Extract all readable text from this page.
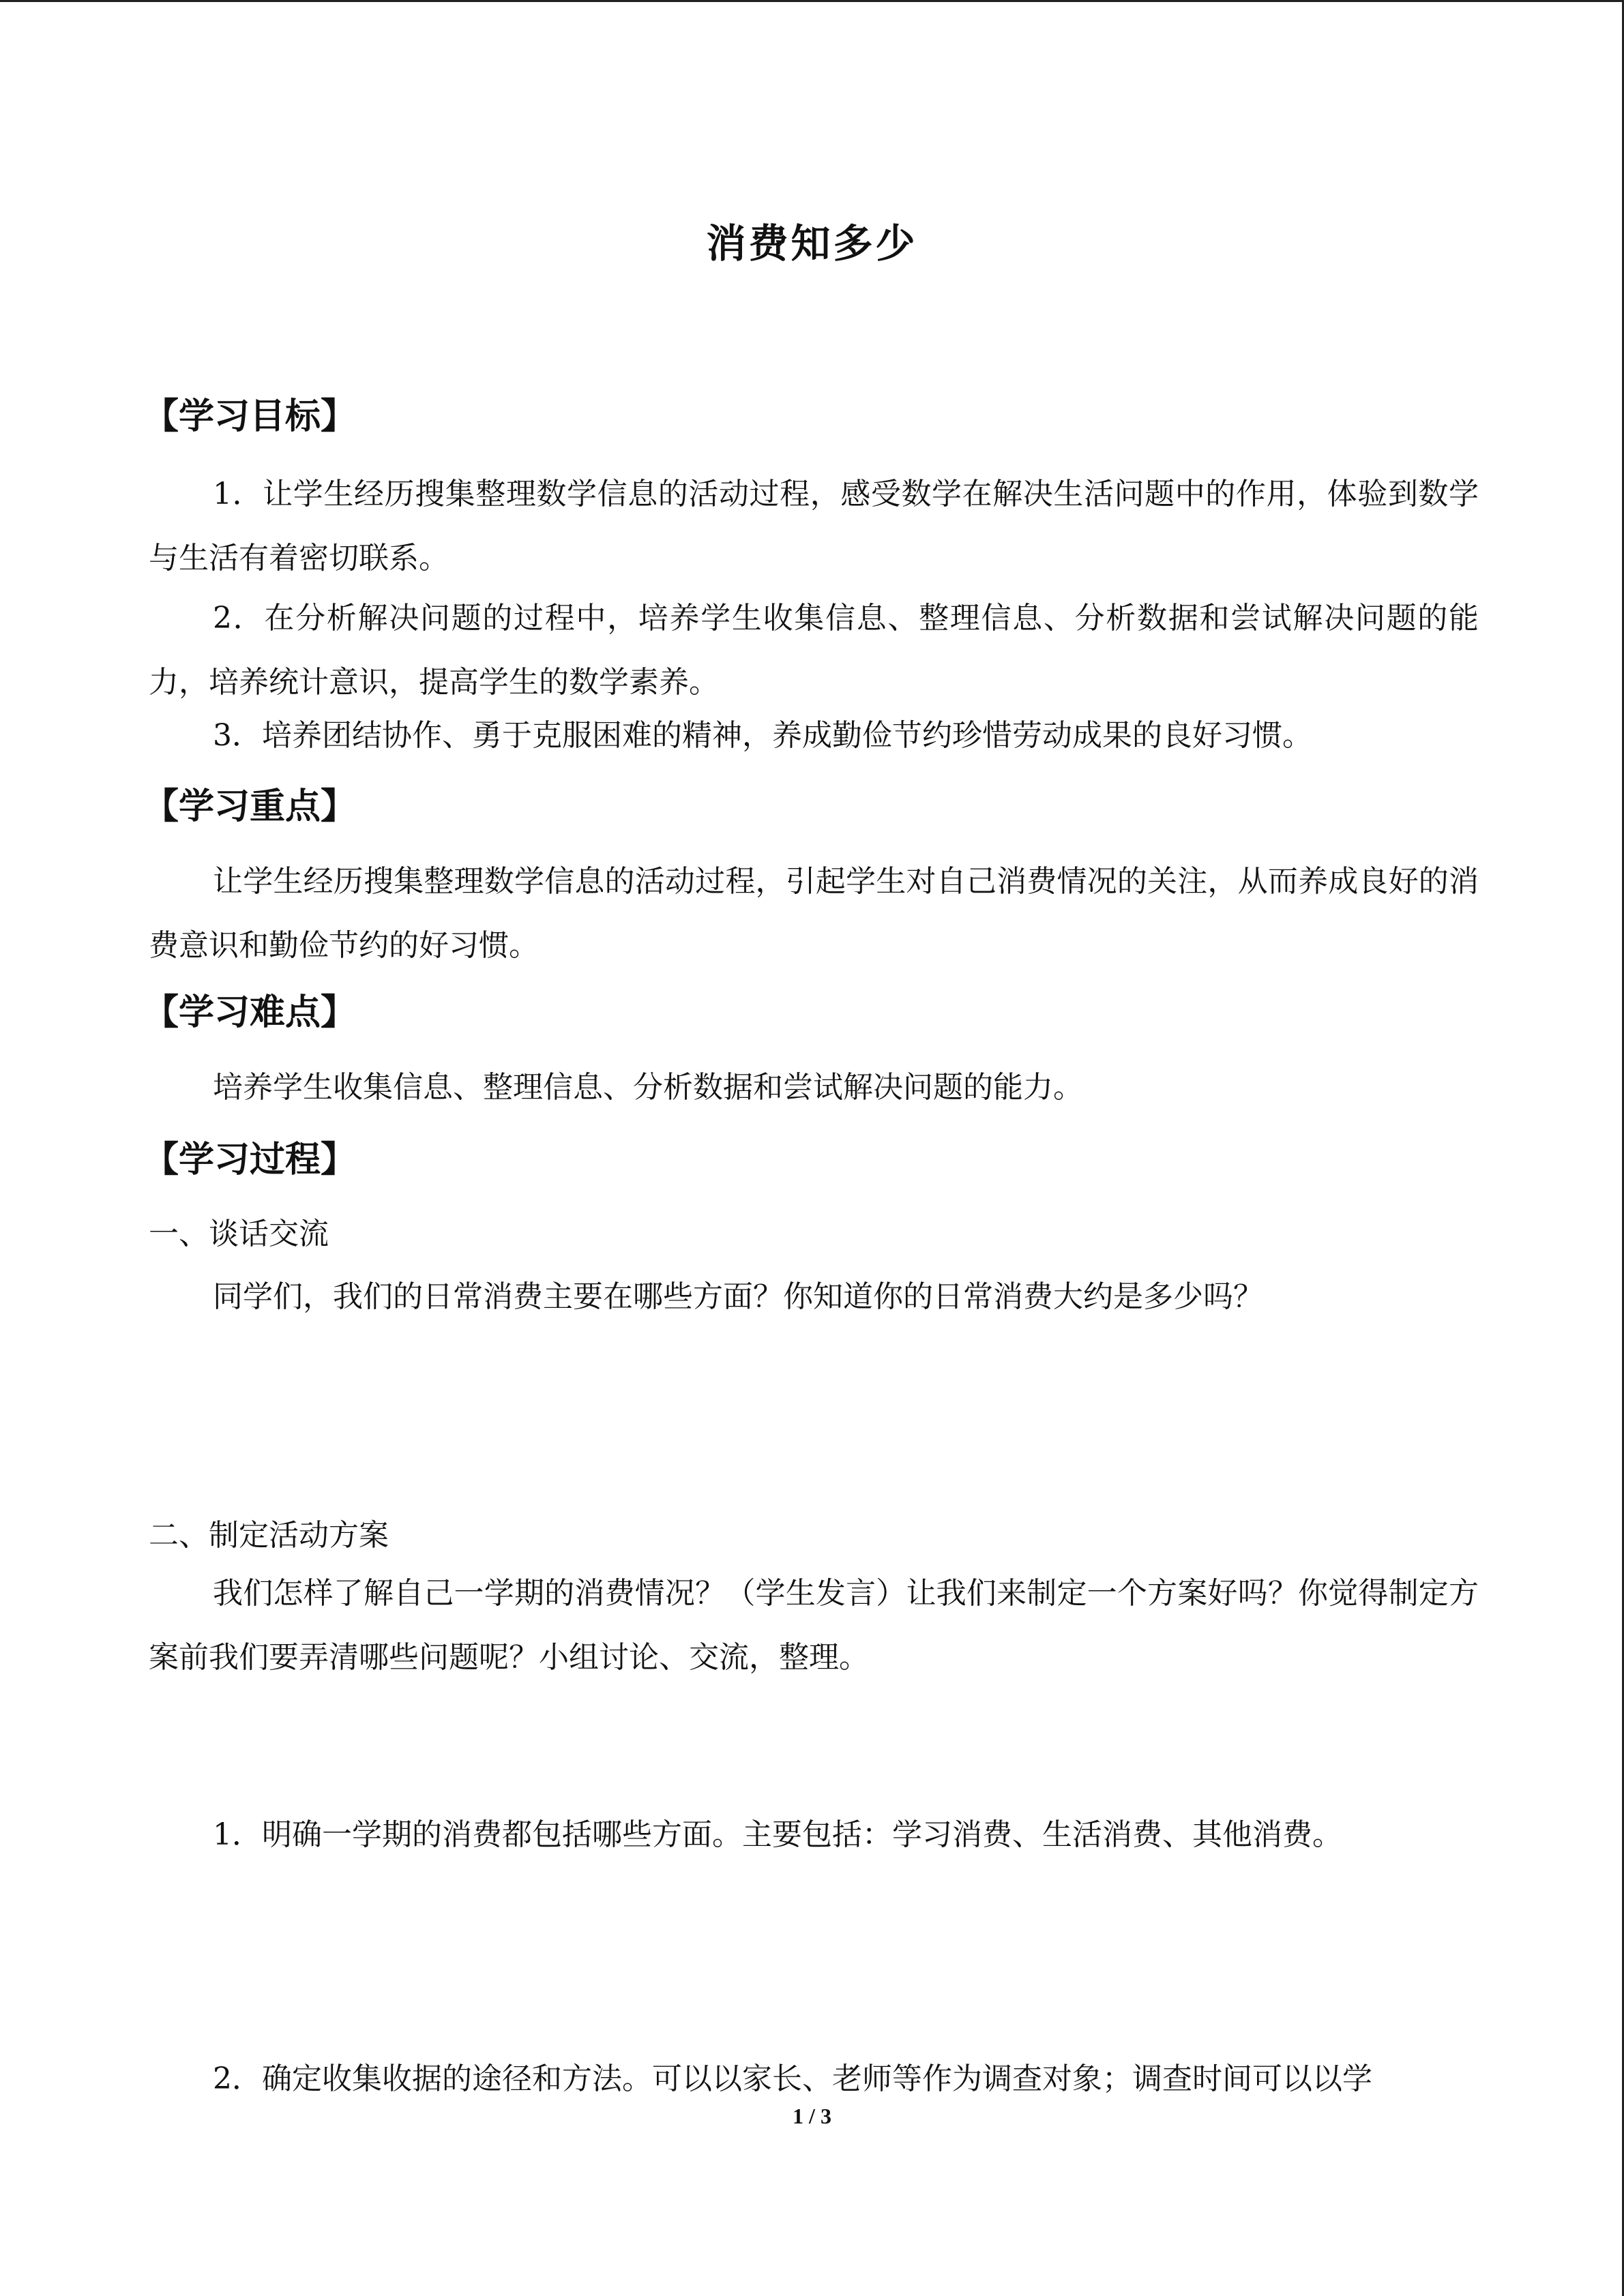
消费知多少
【学习目标】
1．让学生经历搜集整理数学信息的活动过程，感受数学在解决生活问题中的作用，体验到数学与生活有着密切联系。
2．在分析解决问题的过程中，培养学生收集信息、整理信息、分析数据和尝试解决问题的能力，培养统计意识，提高学生的数学素养。
3．培养团结协作、勇于克服困难的精神，养成勤俭节约珍惜劳动成果的良好习惯。
【学习重点】
让学生经历搜集整理数学信息的活动过程，引起学生对自己消费情况的关注，从而养成良好的消费意识和勤俭节约的好习惯。
【学习难点】
培养学生收集信息、整理信息、分析数据和尝试解决问题的能力。
【学习过程】
一、谈话交流
同学们，我们的日常消费主要在哪些方面？你知道你的日常消费大约是多少吗？
二、制定活动方案
我们怎样了解自己一学期的消费情况？（学生发言）让我们来制定一个方案好吗？你觉得制定方案前我们要弄清哪些问题呢？小组讨论、交流，整理。
1．明确一学期的消费都包括哪些方面。主要包括：学习消费、生活消费、其他消费。
2．确定收集收据的途径和方法。可以以家长、老师等作为调查对象；调查时间可以以学
1 / 3
